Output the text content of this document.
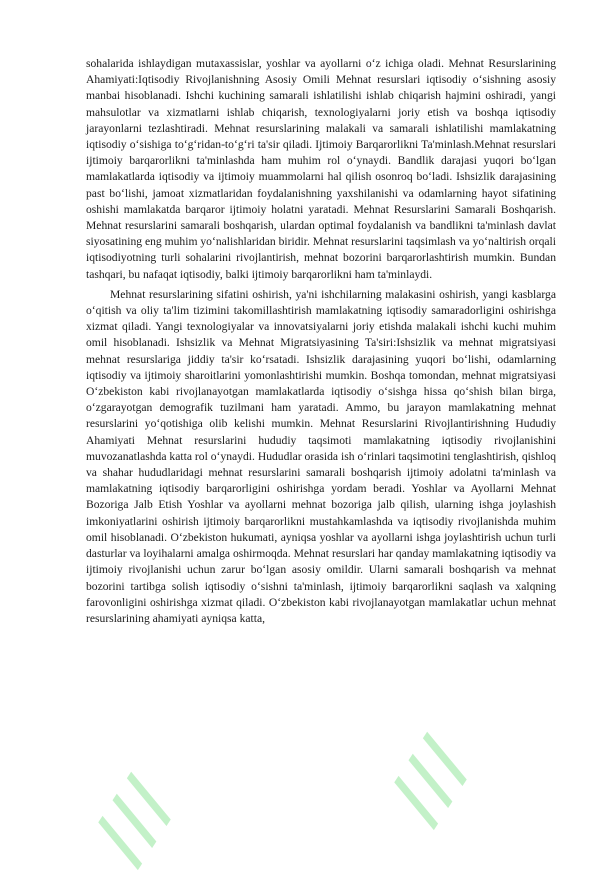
///	///

sohalarida ishlaydigan mutaxassislar, yoshlar va ayollarni o‘z ichiga oladi. Mehnat Resurslarining Ahamiyati:Iqtisodiy Rivojlanishning Asosiy Omili Mehnat resurslari iqtisodiy o‘sishning asosiy manbai hisoblanadi. Ishchi kuchining samarali ishlatilishi ishlab chiqarish hajmini oshiradi, yangi mahsulotlar va xizmatlarni ishlab chiqarish, texnologiyalarni joriy etish va boshqa iqtisodiy jarayonlarni tezlashtiradi. Mehnat resurslarining malakali va samarali ishlatilishi mamlakatning iqtisodiy o‘sishiga to‘g‘ridan-to‘g‘ri ta'sir qiladi. Ijtimoiy Barqarorlikni Ta'minlash.Mehnat resurslari ijtimoiy barqarorlikni ta'minlashda ham muhim rol o‘ynaydi. Bandlik darajasi yuqori bo‘lgan mamlakatlarda iqtisodiy va ijtimoiy muammolarni hal qilish osonroq bo‘ladi. Ishsizlik darajasining past bo‘lishi, jamoat xizmatlaridan foydalanishning yaxshilanishi va odamlarning hayot sifatining oshishi mamlakatda barqaror ijtimoiy holatni yaratadi. Mehnat Resurslarini Samarali Boshqarish. Mehnat resurslarini samarali boshqarish, ulardan optimal foydalanish va bandlikni ta'minlash davlat siyosatining eng muhim yo‘nalishlaridan biridir. Mehnat resurslarini taqsimlash va yo‘naltirish orqali iqtisodiyotning turli sohalarini rivojlantirish, mehnat bozorini barqarorlashtirish mumkin. Bundan tashqari, bu nafaqat iqtisodiy, balki ijtimoiy barqarorlikni ham ta'minlaydi.

Mehnat resurslarining sifatini oshirish, ya'ni ishchilarning malakasini oshirish, yangi kasblarga o‘qitish va oliy ta'lim tizimini takomillashtirish mamlakatning iqtisodiy samaradorligini oshirishga xizmat qiladi. Yangi texnologiyalar va innovatsiyalarni joriy etishda malakali ishchi kuchi muhim omil hisoblanadi. Ishsizlik va Mehnat Migratsiyasining Ta'siri:Ishsizlik va mehnat migratsiyasi mehnat resurslariga jiddiy ta'sir ko‘rsatadi. Ishsizlik darajasining yuqori bo‘lishi, odamlarning iqtisodiy va ijtimoiy sharoitlarini yomonlashtirishi mumkin. Boshqa tomondan, mehnat migratsiyasi O‘zbekiston kabi rivojlanayotgan mamlakatlarda iqtisodiy o‘sishga hissa qo‘shish bilan birga, o‘zgarayotgan demografik tuzilmani ham yaratadi. Ammo, bu jarayon mamlakatning mehnat resurslarini yo‘qotishiga olib kelishi mumkin. Mehnat Resurslarini Rivojlantirishning Hududiy Ahamiyati Mehnat resurslarini hududiy taqsimoti mamlakatning iqtisodiy rivojlanishini muvozanatlashda katta rol o‘ynaydi. Hududlar orasida ish o‘rinlari taqsimotini tenglashtirish, qishloq va shahar hududlaridagi mehnat resurslarini samarali boshqarish ijtimoiy adolatni ta'minlash va mamlakatning iqtisodiy barqarorligini oshirishga yordam beradi. Yoshlar va Ayollarni Mehnat Bozoriga Jalb Etish Yoshlar va ayollarni mehnat bozoriga jalb qilish, ularning ishga joylashish imkoniyatlarini oshirish ijtimoiy barqarorlikni mustahkamlashda va iqtisodiy rivojlanishda muhim omil hisoblanadi. O‘zbekiston hukumati, ayniqsa yoshlar va ayollarni ishga joylashtirish uchun turli dasturlar va loyihalarni amalga oshirmoqda. Mehnat resurslari har qanday mamlakatning iqtisodiy va ijtimoiy rivojlanishi uchun zarur bo‘lgan asosiy omildir. Ularni samarali boshqarish va mehnat bozorini tartibga solish iqtisodiy o‘sishni ta'minlash, ijtimoiy barqarorlikni saqlash va xalqning farovonligini oshirishga xizmat qiladi. O‘zbekiston kabi rivojlanayotgan mamlakatlar uchun mehnat resurslarining ahamiyati ayniqsa katta,
